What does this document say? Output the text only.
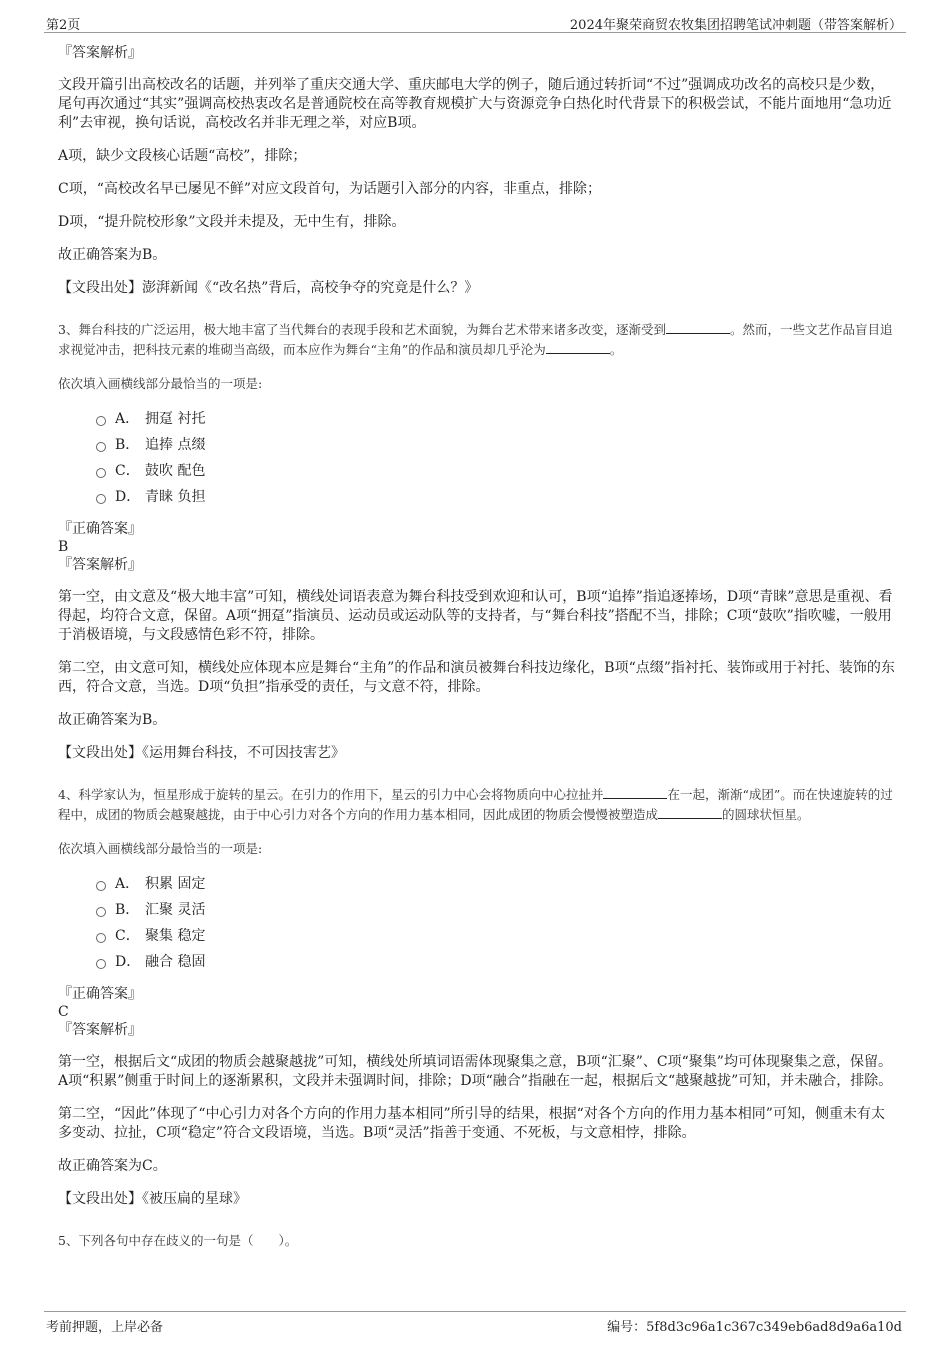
第2页	2024年聚荣商贸农牧集团招聘笔试冲刺题（带答案解析）

『答案解析』

文段开篇引出高校改名的话题，并列举了重庆交通大学、重庆邮电大学的例子，随后通过转折词“不过”强调成功改名的高校只是少数，尾句再次通过“其实”强调高校热衷改名是普通院校在高等教育规模扩大与资源竞争白热化时代背景下的积极尝试，不能片面地用“急功近利”去审视，换句话说，高校改名并非无理之举，对应B项。

A项，缺少文段核心话题“高校”，排除；

C项，“高校改名早已屡见不鲜”对应文段首句，为话题引入部分的内容，非重点，排除；

D项，“提升院校形象”文段并未提及，无中生有，排除。

故正确答案为B。

【文段出处】澎湃新闻《“改名热”背后，高校争夺的究竟是什么？》

3、舞台科技的广泛运用，极大地丰富了当代舞台的表现手段和艺术面貌，为舞台艺术带来诸多改变，逐渐受到	。然而，一些文艺作品盲目追求视觉冲击，把科技元素的堆砌当高级，而本应作为舞台“主角”的作品和演员却几乎沦为	。

依次填入画横线部分最恰当的一项是:

A． 拥趸 衬托
B． 追捧 点缀
C． 鼓吹 配色
D． 青睐 负担

『正确答案』

B

『答案解析』

第一空，由文意及“极大地丰富”可知，横线处词语表意为舞台科技受到欢迎和认可，B项“追捧”指追逐捧场，D项“青睐”意思是重视、看得起，均符合文意，保留。A项“拥趸”指演员、运动员或运动队等的支持者，与“舞台科技”搭配不当，排除；C项“鼓吹”指吹嘘，一般用于消极语境，与文段感情色彩不符，排除。

第二空，由文意可知，横线处应体现本应是舞台“主角”的作品和演员被舞台科技边缘化，B项“点缀”指衬托、装饰或用于衬托、装饰的东西，符合文意，当选。D项“负担”指承受的责任，与文意不符，排除。

故正确答案为B。

【文段出处】《运用舞台科技，不可因技害艺》

4、科学家认为，恒星形成于旋转的星云。在引力的作用下，星云的引力中心会将物质向中心拉扯并	在一起，渐渐“成团”。而在快速旋转的过程中，成团的物质会越聚越拢，由于中心引力对各个方向的作用力基本相同，因此成团的物质会慢慢被塑造成	的圆球状恒星。

依次填入画横线部分最恰当的一项是:

A． 积累 固定
B． 汇聚 灵活
C． 聚集 稳定
D． 融合 稳固

『正确答案』

C

『答案解析』

第一空，根据后文“成团的物质会越聚越拢”可知，横线处所填词语需体现聚集之意，B项“汇聚”、C项“聚集”均可体现聚集之意，保留。A项“积累”侧重于时间上的逐渐累积，文段并未强调时间，排除；D项“融合”指融在一起，根据后文“越聚越拢”可知，并未融合，排除。

第二空，“因此”体现了“中心引力对各个方向的作用力基本相同”所引导的结果，根据“对各个方向的作用力基本相同”可知，侧重未有太多变动、拉扯，C项“稳定”符合文段语境，当选。B项“灵活”指善于变通、不死板，与文意相悖，排除。

故正确答案为C。

【文段出处】《被压扁的星球》

5、下列各句中存在歧义的一句是（　　）。

考前押题，上岸必备	编号：5f8d3c96a1c367c349eb6ad8d9a6a10d
